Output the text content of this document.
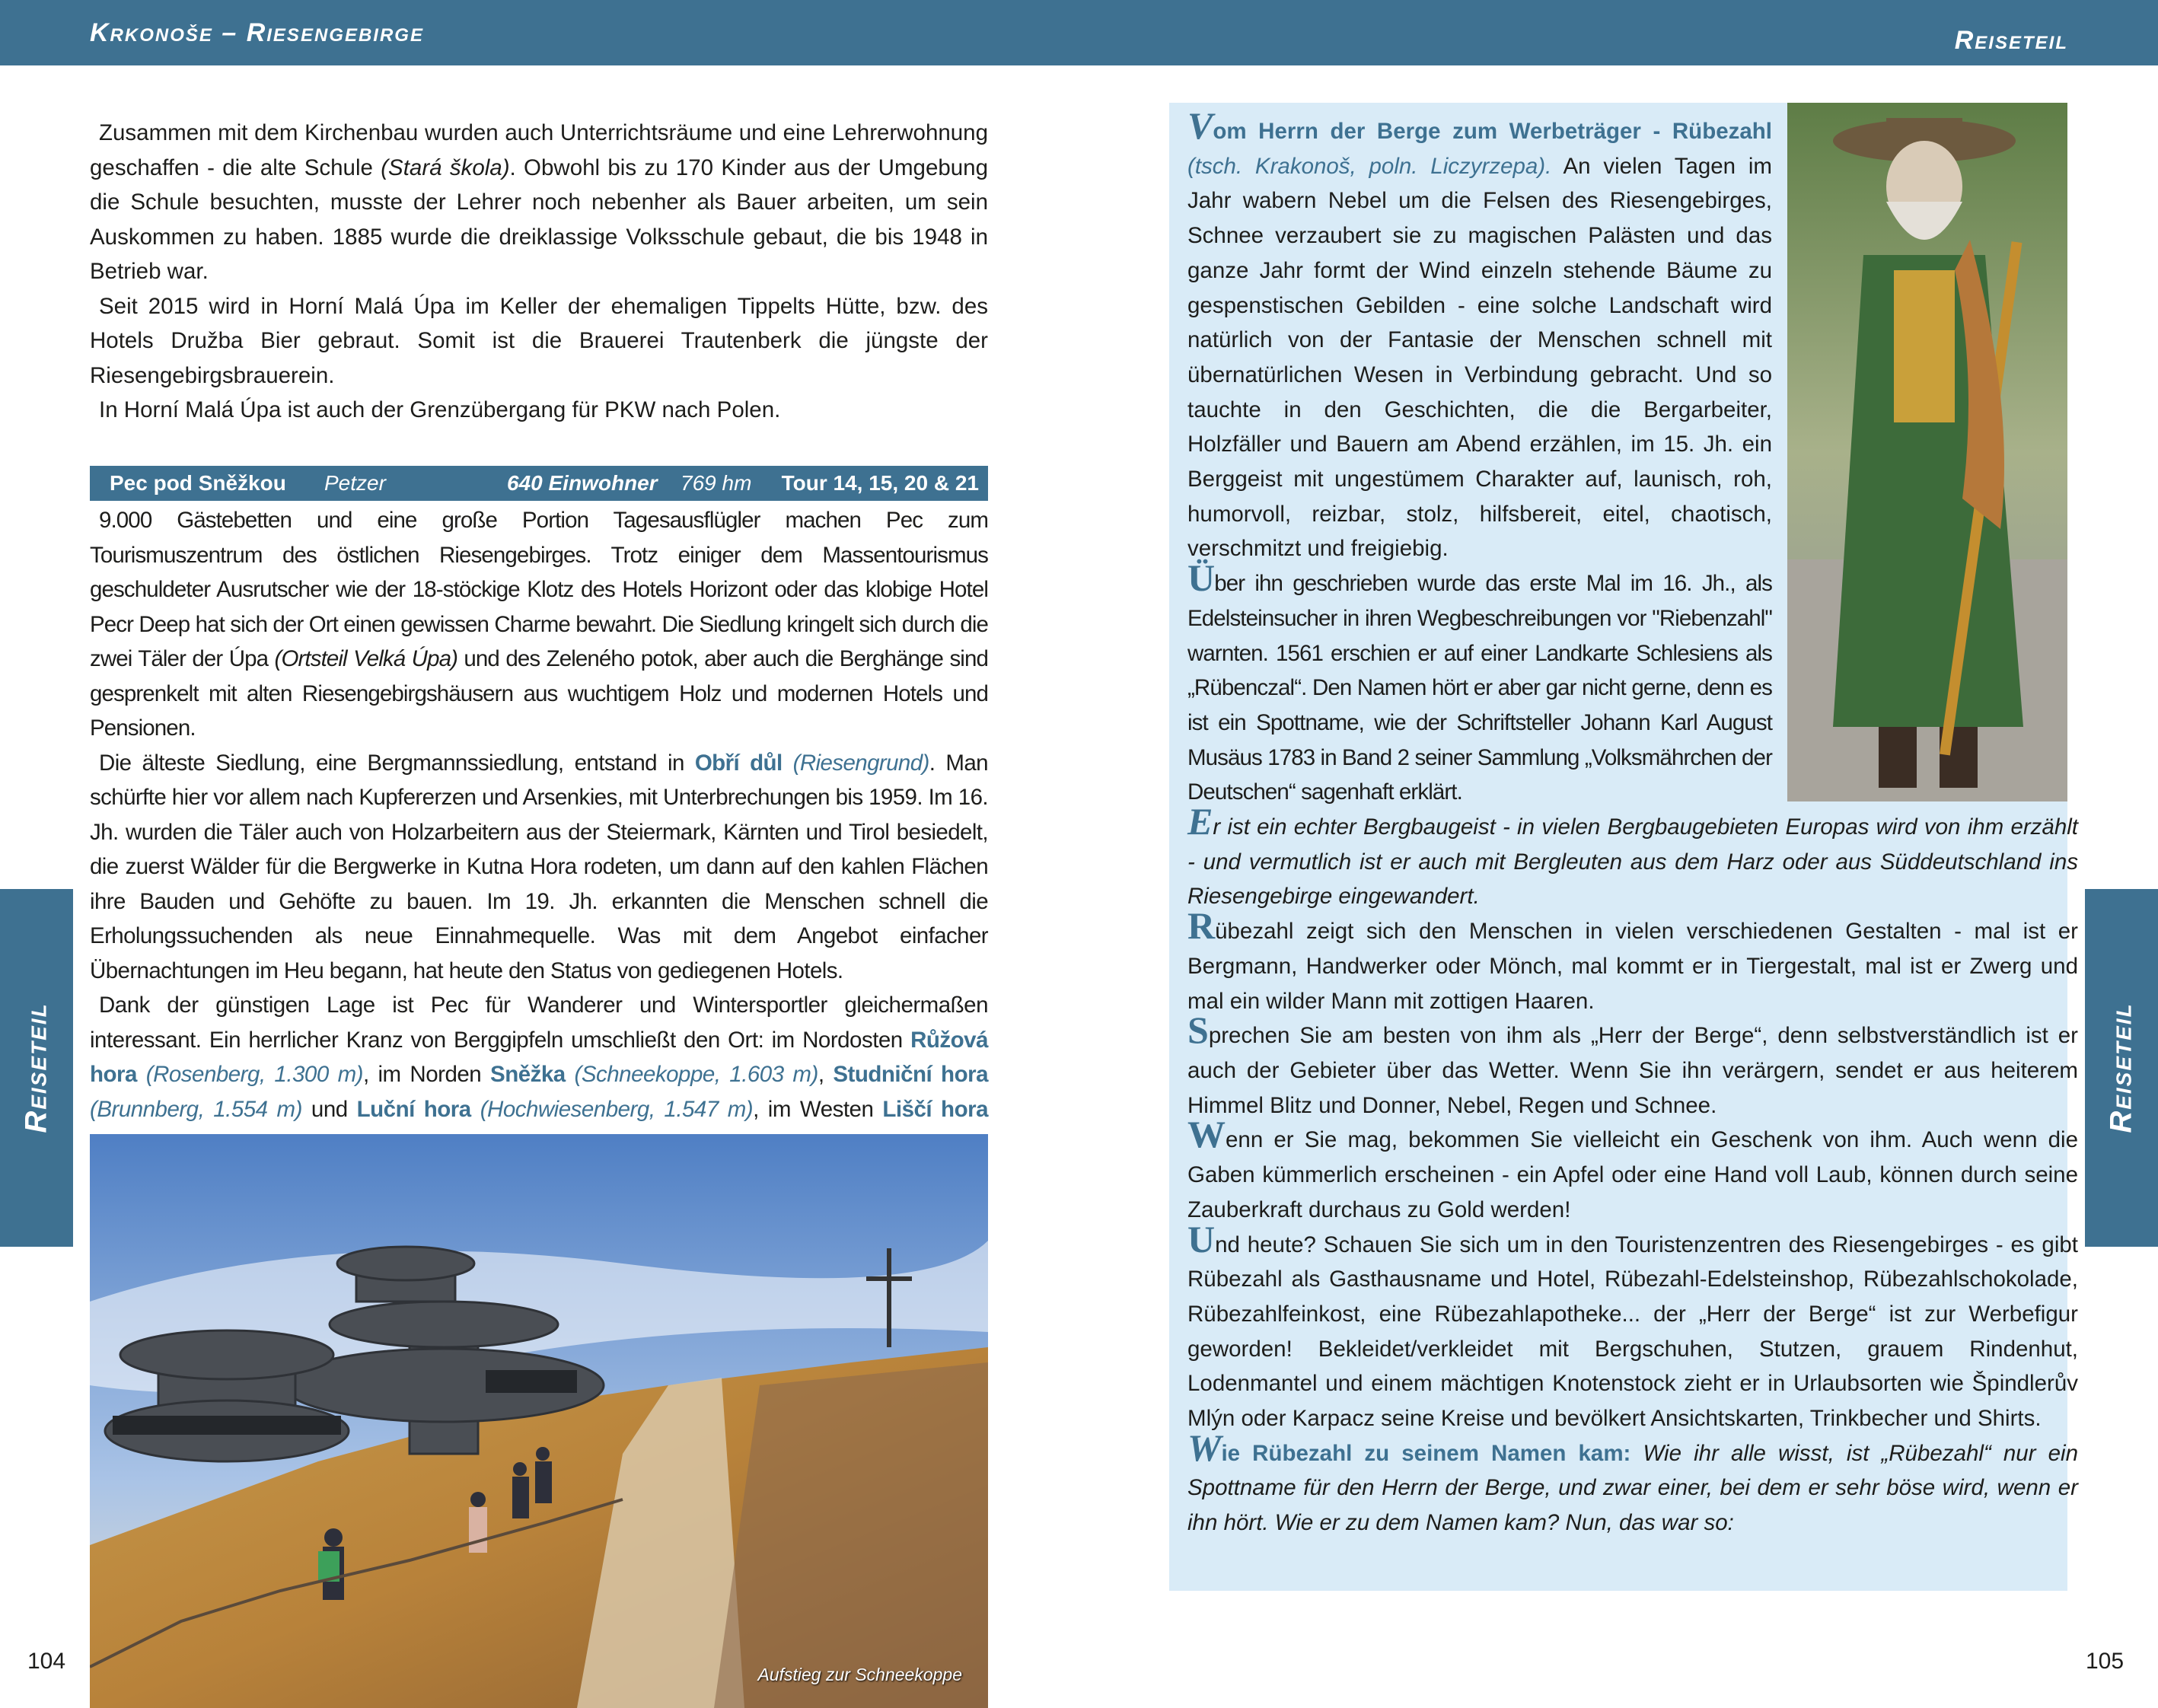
Krkonoše – Riesengebirge	Reiseteil
Reiseteil	Reiseteil

Zusammen mit dem Kirchenbau wurden auch Unterrichtsräume und eine Lehrerwohnung geschaffen - die alte Schule (Stará škola). Obwohl bis zu 170 Kinder aus der Umgebung die Schule besuchten, musste der Lehrer noch nebenher als Bauer arbeiten, um sein Auskommen zu haben. 1885 wurde die dreiklassige Volksschule gebaut, die bis 1948 in Betrieb war.

Seit 2015 wird in Horní Malá Úpa im Keller der ehemaligen Tippelts Hütte, bzw. des Hotels Družba Bier gebraut. Somit ist die Brauerei Trautenberk die jüngste der Riesengebirgsbrauerein.

In Horní Malá Úpa ist auch der Grenzübergang für PKW nach Polen.

Pec pod Sněžkou Petzer	640 Einwohner 769 hm Tour 14, 15, 20 & 21

9.000 Gästebetten und eine große Portion Tagesausflügler machen Pec zum Tourismuszentrum des östlichen Riesengebirges. Trotz einiger dem Massentourismus geschuldeter Ausrutscher wie der 18-stöckige Klotz des Hotels Horizont oder das klobige Hotel Pecr Deep hat sich der Ort einen gewissen Charme bewahrt. Die Siedlung kringelt sich durch die zwei Täler der Úpa (Ortsteil Velká Úpa) und des Zeleného potok, aber auch die Berghänge sind gesprenkelt mit alten Riesengebirgshäusern aus wuchtigem Holz und modernen Hotels und Pensionen.

Die älteste Siedlung, eine Bergmannssiedlung, entstand in Obří důl (Riesengrund). Man schürfte hier vor allem nach Kupfererzen und Arsenkies, mit Unterbrechungen bis 1959. Im 16. Jh. wurden die Täler auch von Holzarbeitern aus der Steiermark, Kärnten und Tirol besiedelt, die zuerst Wälder für die Bergwerke in Kutna Hora rodeten, um dann auf den kahlen Flächen ihre Bauden und Gehöfte zu bauen. Im 19. Jh. erkannten die Menschen schnell die Erholungssuchenden als neue Einnahmequelle. Was mit dem Angebot einfacher Übernachtungen im Heu begann, hat heute den Status von gediegenen Hotels.

Dank der günstigen Lage ist Pec für Wanderer und Wintersportler gleichermaßen interessant. Ein herrlicher Kranz von Berggipfeln umschließt den Ort: im Nordosten Růžová hora (Rosenberg, 1.300 m), im Norden Sněžka (Schneekoppe, 1.603 m), Studniční hora (Brunnberg, 1.554 m) und Luční hora (Hochwiesenberg, 1.547 m), im Westen Liščí hora

Aufstieg zur Schneekoppe
104	105

Vom Herrn der Berge zum Werbeträger - Rübezahl (tsch. Krakonoš, poln. Liczyrzepa). An vielen Tagen im Jahr wabern Nebel um die Felsen des Riesengebirges, Schnee verzaubert sie zu magischen Palästen und das ganze Jahr formt der Wind einzeln stehende Bäume zu gespenstischen Gebilden - eine solche Landschaft wird natürlich von der Fantasie der Menschen schnell mit übernatürlichen Wesen in Verbindung gebracht. Und so tauchte in den Geschichten, die die Bergarbeiter, Holzfäller und Bauern am Abend erzählen, im 15. Jh. ein Berggeist mit ungestümem Charakter auf, launisch, roh, humorvoll, reizbar, stolz, hilfsbereit, eitel, chaotisch, verschmitzt und freigiebig.

Über ihn geschrieben wurde das erste Mal im 16. Jh., als Edelsteinsucher in ihren Wegbeschreibungen vor "Riebenzahl" warnten. 1561 erschien er auf einer Landkarte Schlesiens als „Rübenczal“. Den Namen hört er aber gar nicht gerne, denn es ist ein Spottname, wie der Schriftsteller Johann Karl August Musäus 1783 in Band 2 seiner Sammlung „Volksmährchen der Deutschen“ sagenhaft erklärt.

Er ist ein echter Bergbaugeist - in vielen Bergbaugebieten Europas wird von ihm erzählt - und vermutlich ist er auch mit Bergleuten aus dem Harz oder aus Süddeutschland ins Riesengebirge eingewandert.

Rübezahl zeigt sich den Menschen in vielen verschiedenen Gestalten - mal ist er Bergmann, Handwerker oder Mönch, mal kommt er in Tiergestalt, mal ist er Zwerg und mal ein wilder Mann mit zottigen Haaren.

Sprechen Sie am besten von ihm als „Herr der Berge“, denn selbstverständlich ist er auch der Gebieter über das Wetter. Wenn Sie ihn verärgern, sendet er aus heiterem Himmel Blitz und Donner, Nebel, Regen und Schnee.

Wenn er Sie mag, bekommen Sie vielleicht ein Geschenk von ihm. Auch wenn die Gaben kümmerlich erscheinen - ein Apfel oder eine Hand voll Laub, können durch seine Zauberkraft durchaus zu Gold werden!

Und heute? Schauen Sie sich um in den Touristenzentren des Riesengebirges - es gibt Rübezahl als Gasthausname und Hotel, Rübezahl-Edelsteinshop, Rübezahlschokolade, Rübezahlfeinkost, eine Rübezahlapotheke... der „Herr der Berge“ ist zur Werbefigur geworden! Bekleidet/verkleidet mit Bergschuhen, Stutzen, grauem Rindenhut, Lodenmantel und einem mächtigen Knotenstock zieht er in Urlaubsorten wie Špindlerův Mlýn oder Karpacz seine Kreise und bevölkert Ansichtskarten, Trinkbecher und Shirts.

Wie Rübezahl zu seinem Namen kam: Wie ihr alle wisst, ist „Rübezahl“ nur ein Spottname für den Herrn der Berge, und zwar einer, bei dem er sehr böse wird, wenn er ihn hört. Wie er zu dem Namen kam? Nun, das war so:
